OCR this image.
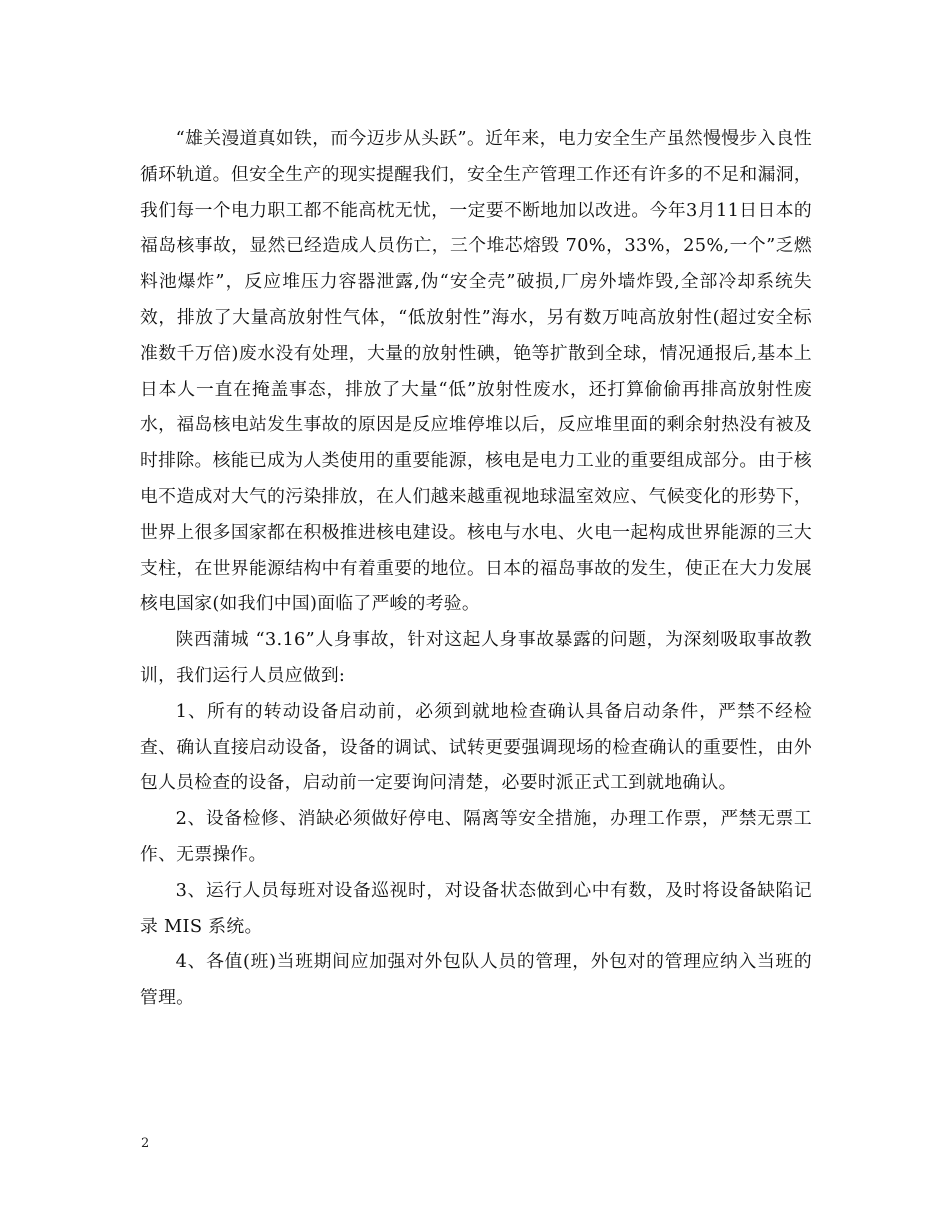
“雄关漫道真如铁，而今迈步从头跃”。近年来，电力安全生产虽然慢慢步入良性循环轨道。但安全生产的现实提醒我们，安全生产管理工作还有许多的不足和漏洞，我们每一个电力职工都不能高枕无忧，一定要不断地加以改进。今年3月11日日本的福岛核事故，显然已经造成人员伤亡，三个堆芯熔毁 70%，33%，25%,一个”乏燃料池爆炸”，反应堆压力容器泄露,伪“安全壳”破损,厂房外墙炸毁,全部冷却系统失效，排放了大量高放射性气体，“低放射性”海水，另有数万吨高放射性(超过安全标准数千万倍)废水没有处理，大量的放射性碘，铯等扩散到全球，情况通报后,基本上日本人一直在掩盖事态，排放了大量“低”放射性废水，还打算偷偷再排高放射性废水，福岛核电站发生事故的原因是反应堆停堆以后，反应堆里面的剩余射热没有被及时排除。核能已成为人类使用的重要能源，核电是电力工业的重要组成部分。由于核电不造成对大气的污染排放，在人们越来越重视地球温室效应、气候变化的形势下，世界上很多国家都在积极推进核电建设。核电与水电、火电一起构成世界能源的三大支柱，在世界能源结构中有着重要的地位。日本的福岛事故的发生，使正在大力发展核电国家(如我们中国)面临了严峻的考验。

陕西蒲城 “3.16”人身事故，针对这起人身事故暴露的问题，为深刻吸取事故教训，我们运行人员应做到:

1、所有的转动设备启动前，必须到就地检查确认具备启动条件，严禁不经检查、确认直接启动设备，设备的调试、试转更要强调现场的检查确认的重要性，由外包人员检查的设备，启动前一定要询问清楚，必要时派正式工到就地确认。

2、设备检修、消缺必须做好停电、隔离等安全措施，办理工作票，严禁无票工作、无票操作。

3、运行人员每班对设备巡视时，对设备状态做到心中有数，及时将设备缺陷记录 MIS 系统。

4、各值(班)当班期间应加强对外包队人员的管理，外包对的管理应纳入当班的管理。

2
